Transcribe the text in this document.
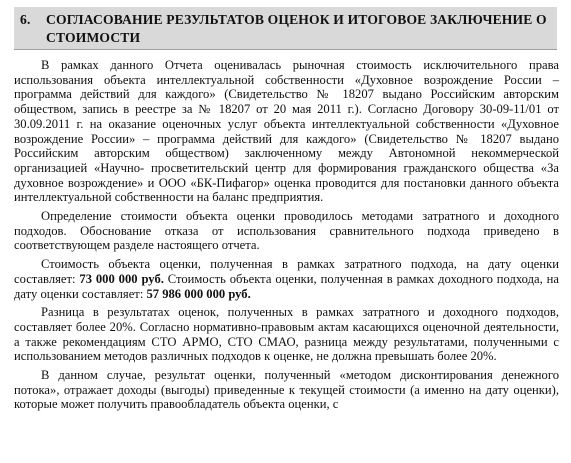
6. СОГЛАСОВАНИЕ РЕЗУЛЬТАТОВ ОЦЕНОК И ИТОГОВОЕ ЗАКЛЮЧЕНИЕ О
СТОИМОСТИ

В рамках данного Отчета оценивалась рыночная стоимость исключительного права использования объекта интеллектуальной собственности «Духовное возрождение России – программа действий для каждого» (Свидетельство № 18207 выдано Российским авторским обществом, запись в реестре за № 18207 от 20 мая 2011 г.). Согласно Договору 30-09-11/01 от 30.09.2011 г. на оказание оценочных услуг объекта интеллектуальной собственности «Духовное возрождение России» – программа действий для каждого» (Свидетельство № 18207 выдано Российским авторским обществом) заключенному между Автономной некоммерческой организацией «Научно- просветительский центр для формирования гражданского общества «За духовное возрождение» и ООО «БК-Пифагор» оценка проводится для постановки данного объекта интеллектуальной собственности на баланс предприятия.

Определение стоимости объекта оценки проводилось методами затратного и доходного подходов. Обоснование отказа от использования сравнительного подхода приведено в соответствующем разделе настоящего отчета.

Стоимость объекта оценки, полученная в рамках затратного подхода, на дату оценки составляет: 73 000 000 руб. Стоимость объекта оценки, полученная в рамках доходного подхода, на дату оценки составляет: 57 986 000 000 руб.

Разница в результатах оценок, полученных в рамках затратного и доходного подходов, составляет более 20%. Согласно нормативно-правовым актам касающихся оценочной деятельности, а также рекомендациям СТО АРМО, СТО СМАО, разница между результатами, полученными с использованием методов различных подходов к оценке, не должна превышать более 20%.

В данном случае, результат оценки, полученный «методом дисконтирования денежного потока», отражает доходы (выгоды) приведенные к текущей стоимости (а именно на дату оценки), которые может получить правообладатель объекта оценки, с
